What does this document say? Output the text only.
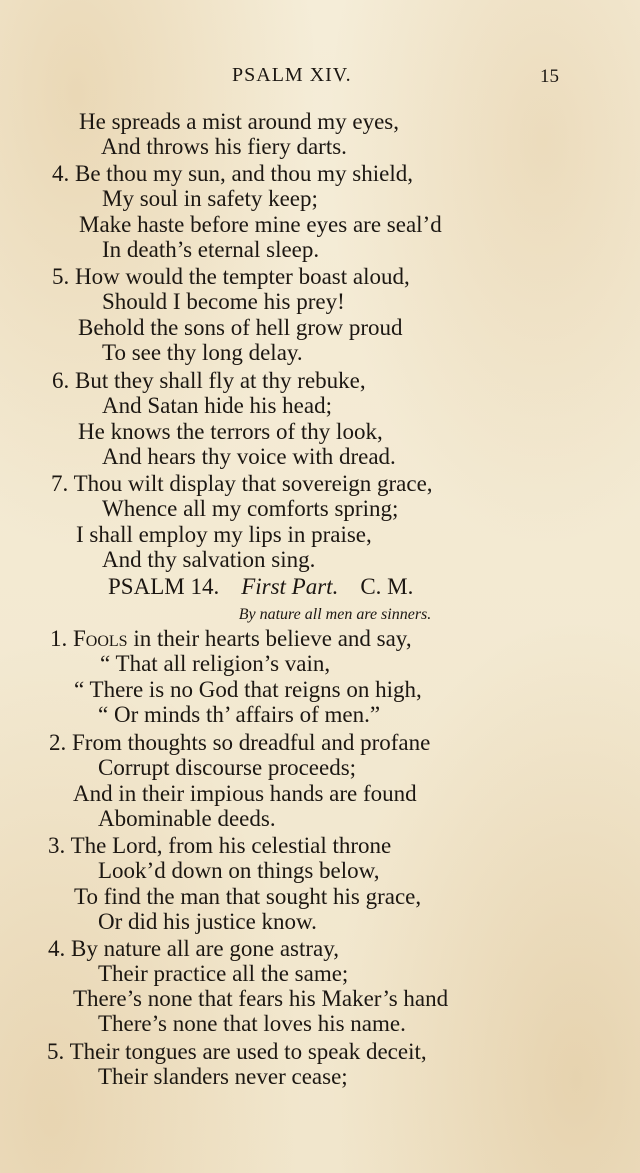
PSALM XIV.	15
He spreads a mist around my eyes,
And throws his fiery darts.
4. Be thou my sun, and thou my shield,
My soul in safety keep;
Make haste before mine eyes are seal’d
In death’s eternal sleep.
5. How would the tempter boast aloud,
Should I become his prey!
Behold the sons of hell grow proud
To see thy long delay.
6. But they shall fly at thy rebuke,
And Satan hide his head;
He knows the terrors of thy look,
And hears thy voice with dread.
7. Thou wilt display that sovereign grace,
Whence all my comforts spring;
I shall employ my lips in praise,
And thy salvation sing.
PSALM 14. First Part. C. M.
By nature all men are sinners.
1. Fools in their hearts believe and say,
“ That all religion’s vain,
“ There is no God that reigns on high,
“ Or minds th’ affairs of men.”
2. From thoughts so dreadful and profane
Corrupt discourse proceeds;
And in their impious hands are found
Abominable deeds.
3. The Lord, from his celestial throne
Look’d down on things below,
To find the man that sought his grace,
Or did his justice know.
4. By nature all are gone astray,
Their practice all the same;
There’s none that fears his Maker’s hand
There’s none that loves his name.
5. Their tongues are used to speak deceit,
Their slanders never cease;
